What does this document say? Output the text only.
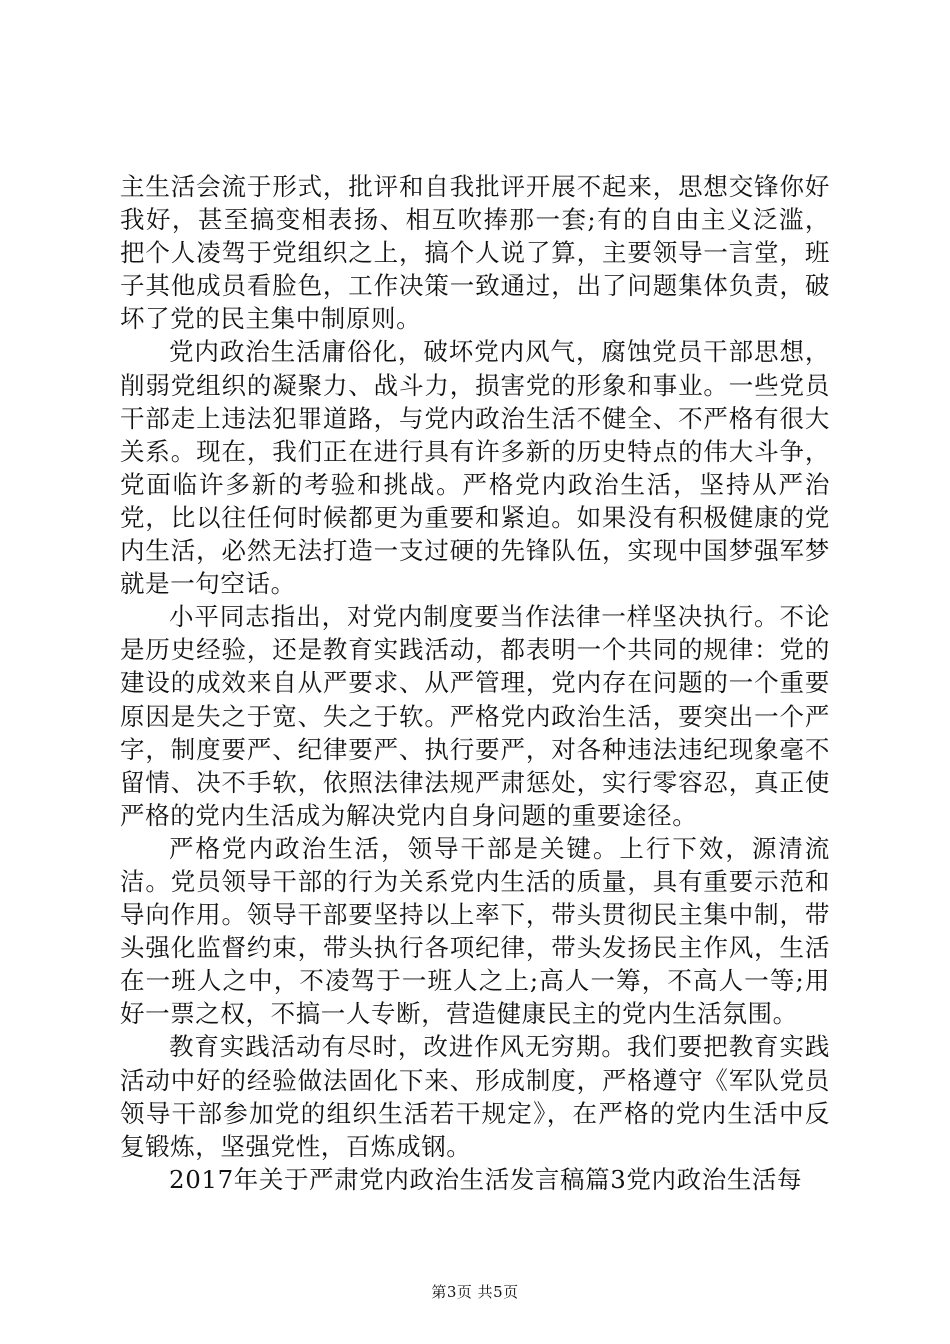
主生活会流于形式，批评和自我批评开展不起来，思想交锋你好我好，甚至搞变相表扬、相互吹捧那一套;有的自由主义泛滥，把个人凌驾于党组织之上，搞个人说了算，主要领导一言堂，班子其他成员看脸色，工作决策一致通过，出了问题集体负责，破坏了党的民主集中制原则。

党内政治生活庸俗化，破坏党内风气，腐蚀党员干部思想，削弱党组织的凝聚力、战斗力，损害党的形象和事业。一些党员干部走上违法犯罪道路，与党内政治生活不健全、不严格有很大关系。现在，我们正在进行具有许多新的历史特点的伟大斗争，党面临许多新的考验和挑战。严格党内政治生活，坚持从严治党，比以往任何时候都更为重要和紧迫。如果没有积极健康的党内生活，必然无法打造一支过硬的先锋队伍，实现中国梦强军梦就是一句空话。

小平同志指出，对党内制度要当作法律一样坚决执行。不论是历史经验，还是教育实践活动，都表明一个共同的规律：党的建设的成效来自从严要求、从严管理，党内存在问题的一个重要原因是失之于宽、失之于软。严格党内政治生活，要突出一个严字，制度要严、纪律要严、执行要严，对各种违法违纪现象毫不留情、决不手软，依照法律法规严肃惩处，实行零容忍，真正使严格的党内生活成为解决党内自身问题的重要途径。

严格党内政治生活，领导干部是关键。上行下效，源清流洁。党员领导干部的行为关系党内生活的质量，具有重要示范和导向作用。领导干部要坚持以上率下，带头贯彻民主集中制，带头强化监督约束，带头执行各项纪律，带头发扬民主作风，生活在一班人之中，不凌驾于一班人之上;高人一筹，不高人一等;用好一票之权，不搞一人专断，营造健康民主的党内生活氛围。

教育实践活动有尽时，改进作风无穷期。我们要把教育实践活动中好的经验做法固化下来、形成制度，严格遵守《军队党员领导干部参加党的组织生活若干规定》，在严格的党内生活中反复锻炼，坚强党性，百炼成钢。

2017年关于严肃党内政治生活发言稿篇3党内政治生活每

第3页 共5页
